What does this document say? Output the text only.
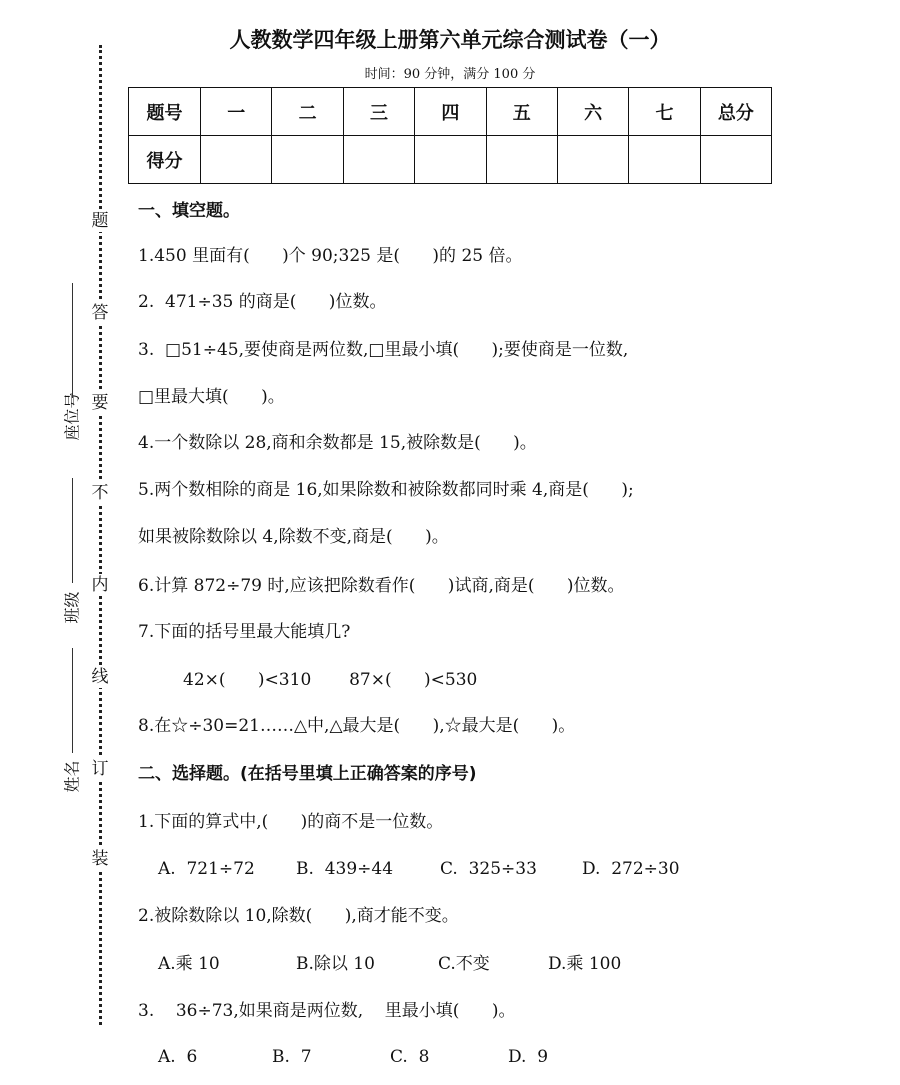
人教数学四年级上册第六单元综合测试卷（一）
时间：90 分钟，满分 100 分
题号	一	二	三	四	五	六	七	总分
得分								
座位号
班级
姓名
题
答
要
不
内
线
订
装
一、填空题。
1.450 里面有(      )个 90;325 是(      )的 25 倍。
2.  471÷35 的商是(      )位数。
3.  □51÷45,要使商是两位数,□里最小填(      );要使商是一位数,
□里最大填(      )。
4.一个数除以 28,商和余数都是 15,被除数是(      )。
5.两个数相除的商是 16,如果除数和被除数都同时乘 4,商是(      );
如果被除数除以 4,除数不变,商是(      )。
6.计算 872÷79 时,应该把除数看作(      )试商,商是(      )位数。
7.下面的括号里最大能填几?
42×(      )<310       87×(      )<530
8.在☆÷30=21……△中,△最大是(      ),☆最大是(      )。
二、选择题。(在括号里填上正确答案的序号)
1.下面的算式中,(      )的商不是一位数。
A.  721÷72 B.  439÷44	C.  325÷33	D.  272÷30
2.被除数除以 10,除数(      ),商才能不变。
A.乘 10	B.除以 10	C.不变	D.乘 100
3.    36÷73,如果商是两位数,    里最小填(      )。
A.  6	B.  7	C.  8	D.  9
